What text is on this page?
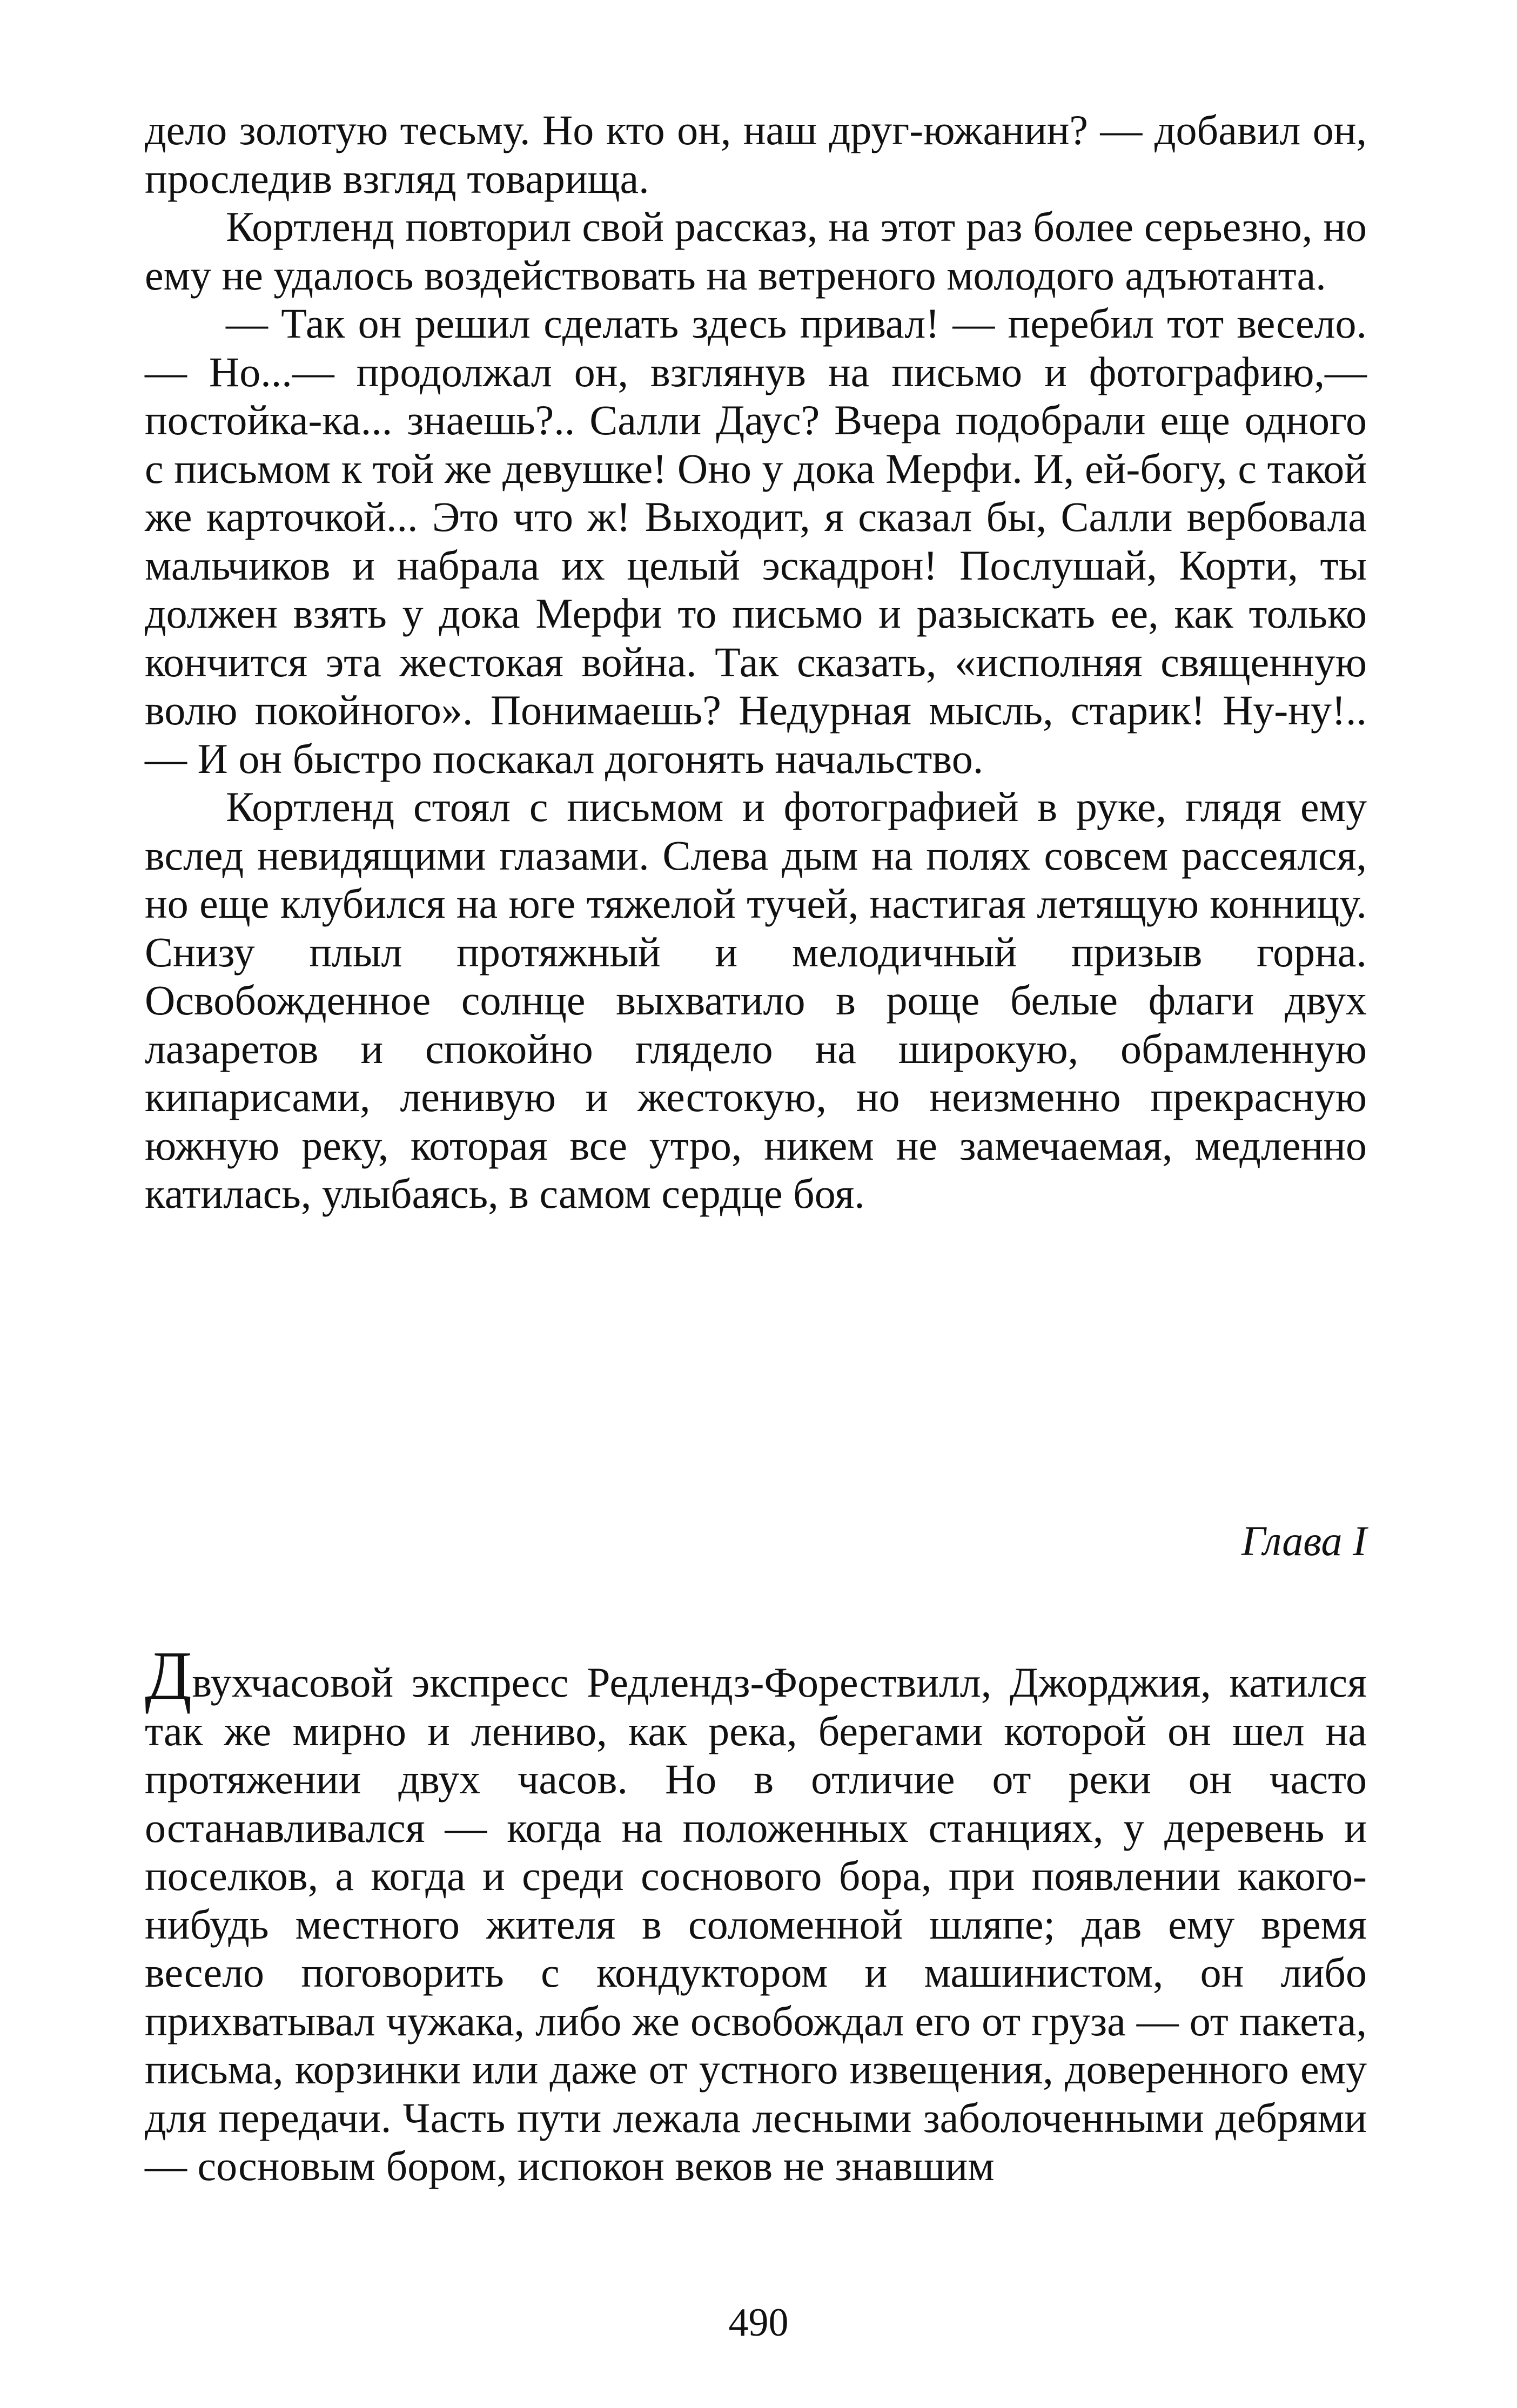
дело золотую тесьму. Но кто он, наш друг-южанин? — добавил он, проследив взгляд товарища.

Кортленд повторил свой рассказ, на этот раз более серьезно, но ему не удалось воздействовать на ветреного молодого адъютанта.

— Так он решил сделать здесь привал! — перебил тот весело.— Но...— продолжал он, взглянув на письмо и фотографию,— постойка-ка... знаешь?.. Салли Даус? Вчера подобрали еще одного с письмом к той же девушке! Оно у дока Мерфи. И, ей-богу, с такой же карточкой... Это что ж! Выходит, я сказал бы, Салли вербовала мальчиков и набрала их целый эскадрон! Послушай, Корти, ты должен взять у дока Мерфи то письмо и разыскать ее, как только кончится эта жестокая война. Так сказать, «исполняя священную волю покойного». Понимаешь? Недурная мысль, старик! Ну-ну!..— И он быстро поскакал догонять начальство.

Кортленд стоял с письмом и фотографией в руке, глядя ему вслед невидящими глазами. Слева дым на полях совсем рассеялся, но еще клубился на юге тяжелой тучей, настигая летящую конницу. Снизу плыл протяжный и мелодичный призыв горна. Освобожденное солнце выхватило в роще белые флаги двух лазаретов и спокойно глядело на широкую, обрамленную кипарисами, ленивую и жестокую, но неизменно прекрасную южную реку, которая все утро, никем не замечаемая, медленно катилась, улыбаясь, в самом сердце боя.

Глава I

Двухчасовой экспресс Редлендз-Форествилл, Джорджия, катился так же мирно и лениво, как река, берегами которой он шел на протяжении двух часов. Но в отличие от реки он часто останавливался — когда на положенных станциях, у деревень и поселков, а когда и среди соснового бора, при появлении какого-нибудь местного жителя в соломенной шляпе; дав ему время весело поговорить с кондуктором и машинистом, он либо прихватывал чужака, либо же освобождал его от груза — от пакета, письма, корзинки или даже от устного извещения, доверенного ему для передачи. Часть пути лежала лесными заболоченными дебрями — сосновым бором, испокон веков не знавшим

490
